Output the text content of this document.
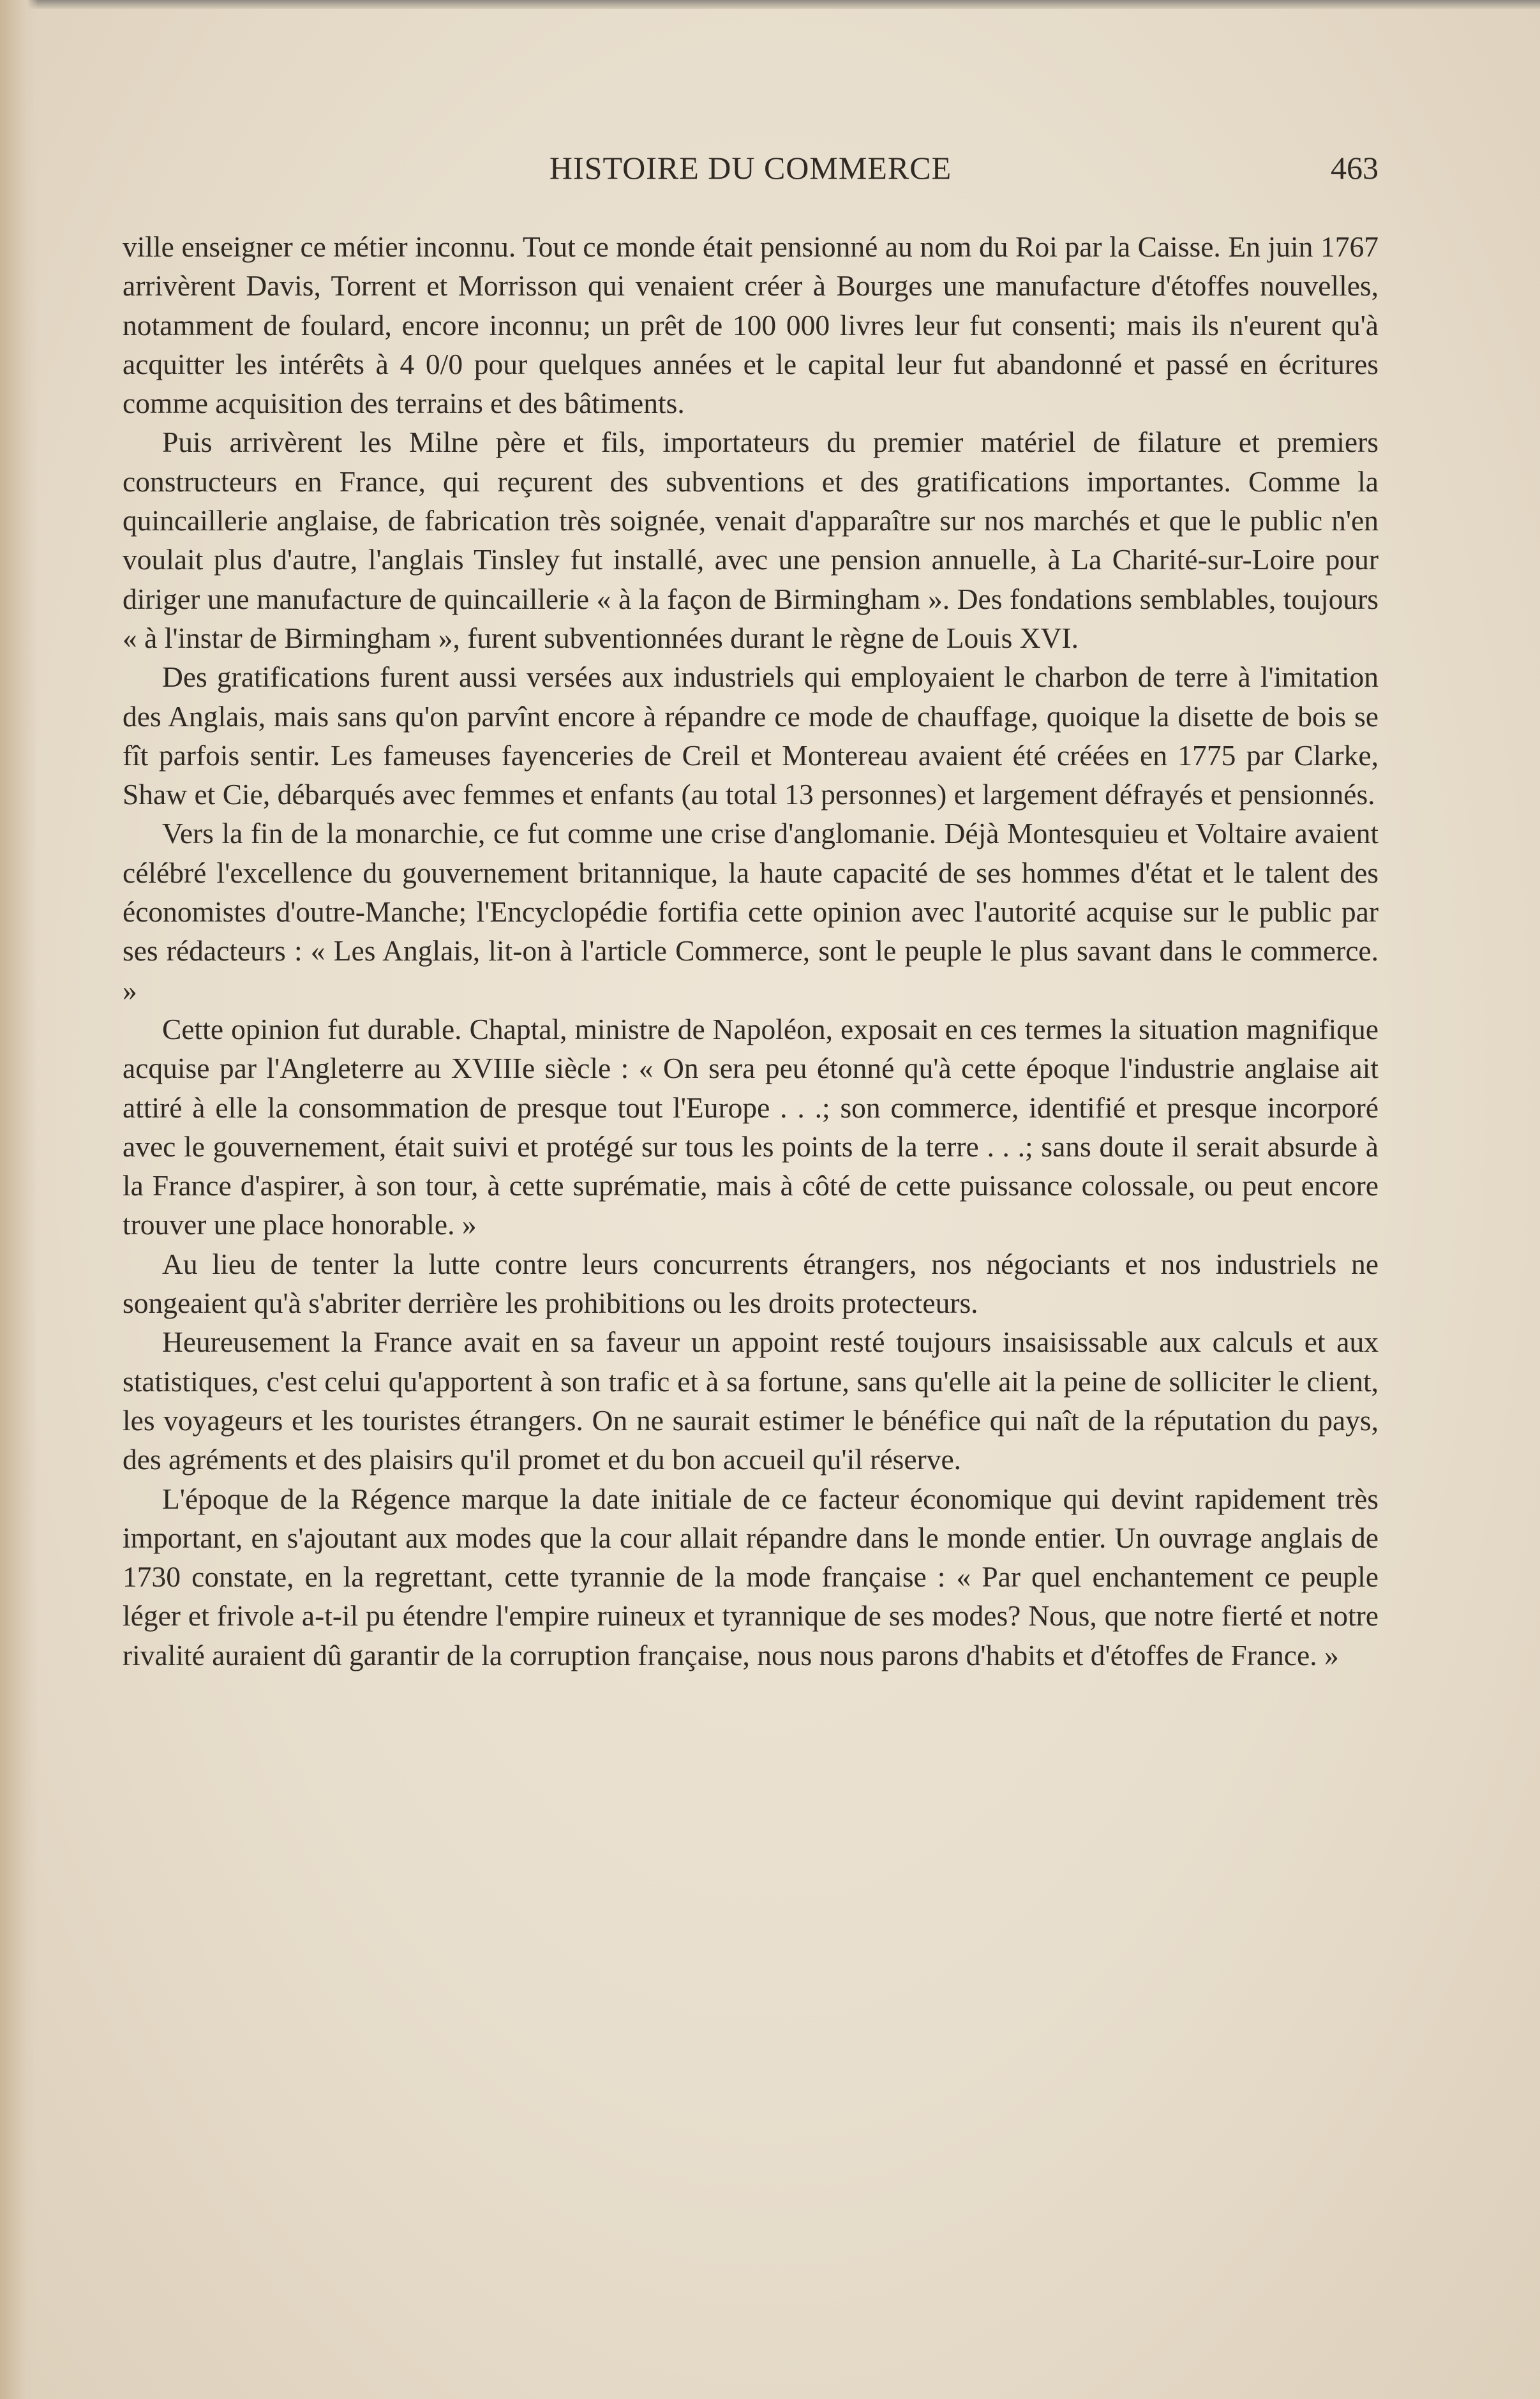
HISTOIRE DU COMMERCE	463

ville enseigner ce métier inconnu. Tout ce monde était pensionné au nom du Roi par la Caisse. En juin 1767 arrivèrent Davis, Torrent et Morrisson qui venaient créer à Bourges une manufacture d'étoffes nouvelles, notamment de foulard, encore inconnu; un prêt de 100 000 livres leur fut consenti; mais ils n'eurent qu'à acquitter les intérêts à 4 0/0 pour quelques années et le capital leur fut abandonné et passé en écritures comme acquisition des terrains et des bâtiments.

Puis arrivèrent les Milne père et fils, importateurs du premier matériel de filature et premiers constructeurs en France, qui reçurent des subventions et des gratifications importantes. Comme la quincaillerie anglaise, de fabrication très soignée, venait d'apparaître sur nos marchés et que le public n'en voulait plus d'autre, l'anglais Tinsley fut installé, avec une pension annuelle, à La Charité-sur-Loire pour diriger une manufacture de quincaillerie « à la façon de Birmingham ». Des fondations semblables, toujours « à l'instar de Birmingham », furent subventionnées durant le règne de Louis XVI.

Des gratifications furent aussi versées aux industriels qui employaient le charbon de terre à l'imitation des Anglais, mais sans qu'on parvînt encore à répandre ce mode de chauffage, quoique la disette de bois se fît parfois sentir. Les fameuses fayenceries de Creil et Montereau avaient été créées en 1775 par Clarke, Shaw et Cie, débarqués avec femmes et enfants (au total 13 personnes) et largement défrayés et pensionnés.

Vers la fin de la monarchie, ce fut comme une crise d'anglomanie. Déjà Montesquieu et Voltaire avaient célébré l'excellence du gouvernement britannique, la haute capacité de ses hommes d'état et le talent des économistes d'outre-Manche; l'Encyclopédie fortifia cette opinion avec l'autorité acquise sur le public par ses rédacteurs : « Les Anglais, lit-on à l'article Commerce, sont le peuple le plus savant dans le commerce. »

Cette opinion fut durable. Chaptal, ministre de Napoléon, exposait en ces termes la situation magnifique acquise par l'Angleterre au XVIIIe siècle : « On sera peu étonné qu'à cette époque l'industrie anglaise ait attiré à elle la consommation de presque tout l'Europe . . .; son commerce, identifié et presque incorporé avec le gouvernement, était suivi et protégé sur tous les points de la terre . . .; sans doute il serait absurde à la France d'aspirer, à son tour, à cette suprématie, mais à côté de cette puissance colossale, ou peut encore trouver une place honorable. »

Au lieu de tenter la lutte contre leurs concurrents étrangers, nos négociants et nos industriels ne songeaient qu'à s'abriter derrière les prohibitions ou les droits protecteurs.

Heureusement la France avait en sa faveur un appoint resté toujours insaisissable aux calculs et aux statistiques, c'est celui qu'apportent à son trafic et à sa fortune, sans qu'elle ait la peine de solliciter le client, les voyageurs et les touristes étrangers. On ne saurait estimer le bénéfice qui naît de la réputation du pays, des agréments et des plaisirs qu'il promet et du bon accueil qu'il réserve.

L'époque de la Régence marque la date initiale de ce facteur économique qui devint rapidement très important, en s'ajoutant aux modes que la cour allait répandre dans le monde entier. Un ouvrage anglais de 1730 constate, en la regrettant, cette tyrannie de la mode française : « Par quel enchantement ce peuple léger et frivole a-t-il pu étendre l'empire ruineux et tyrannique de ses modes? Nous, que notre fierté et notre rivalité auraient dû garantir de la corruption française, nous nous parons d'habits et d'étoffes de France. »
